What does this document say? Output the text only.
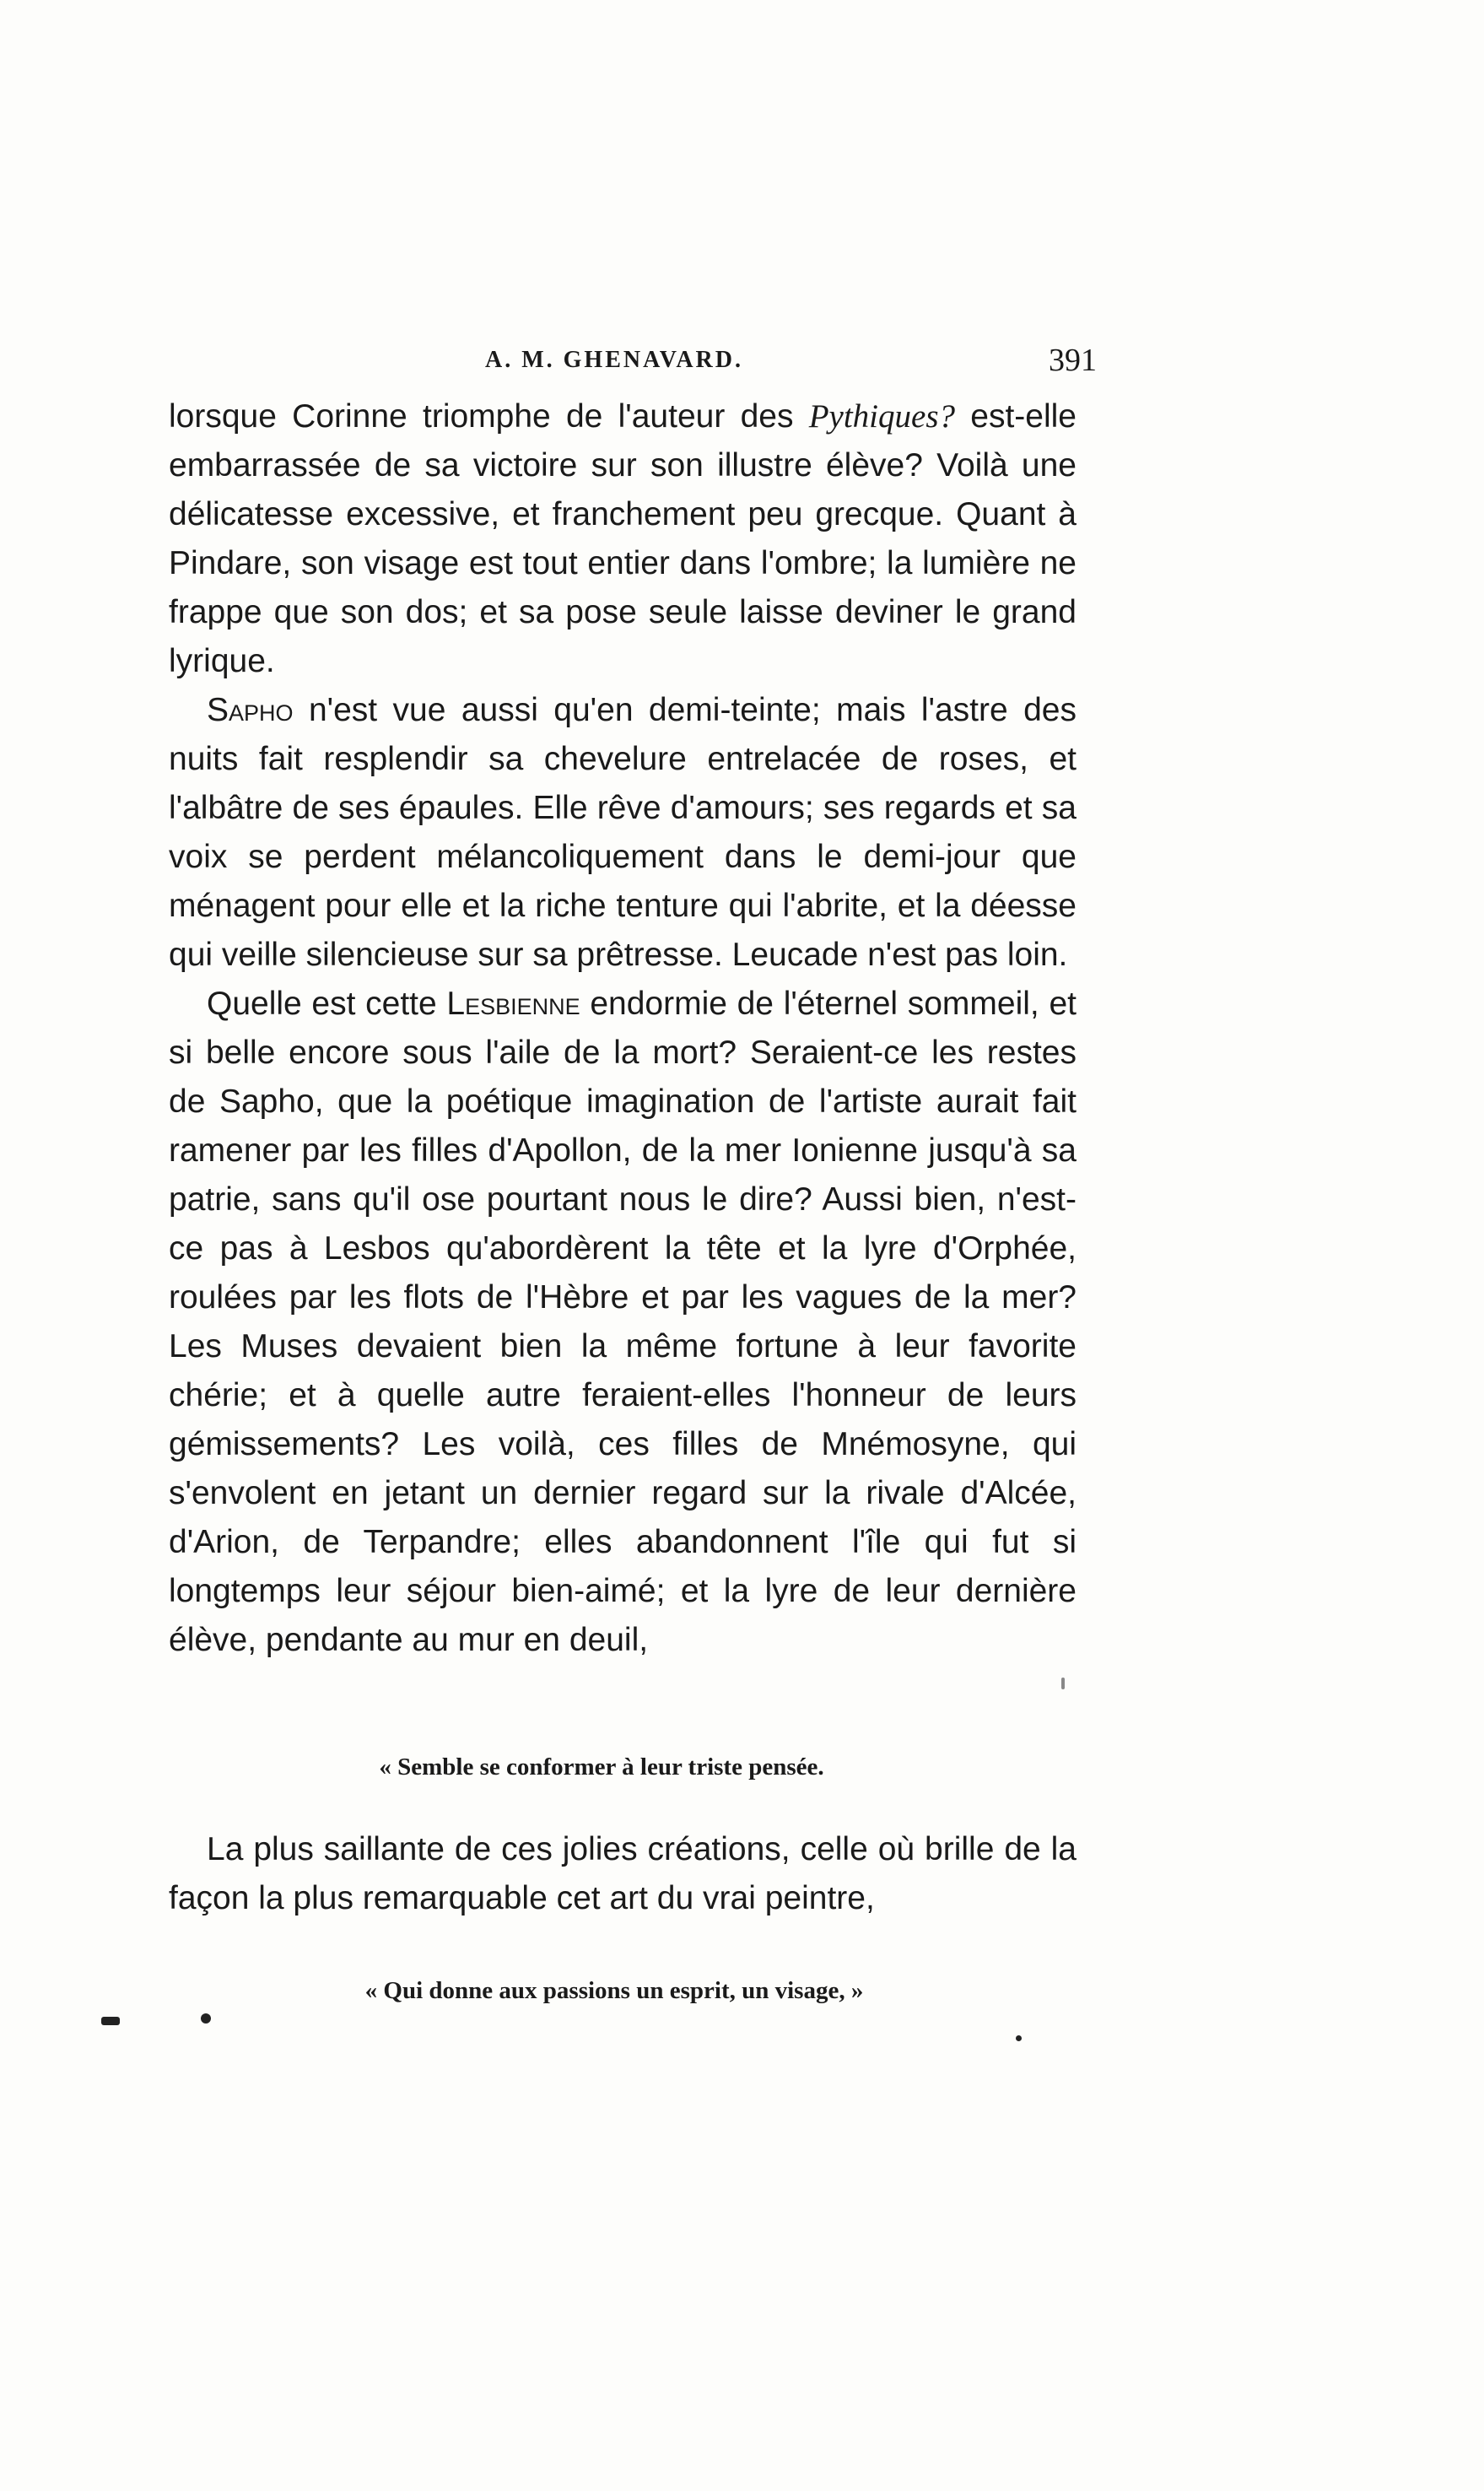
A. M. GHENAVARD.	391

lorsque Corinne triomphe de l'auteur des Pythiques? est-elle embarrassée de sa victoire sur son illustre élève? Voilà une délicatesse excessive, et franchement peu grecque. Quant à Pindare, son visage est tout entier dans l'ombre; la lumière ne frappe que son dos; et sa pose seule laisse deviner le grand lyrique.

Sapho n'est vue aussi qu'en demi-teinte; mais l'astre des nuits fait resplendir sa chevelure entrelacée de roses, et l'albâtre de ses épaules. Elle rêve d'amours; ses regards et sa voix se perdent mélancoliquement dans le demi-jour que ménagent pour elle et la riche tenture qui l'abrite, et la déesse qui veille silencieuse sur sa prêtresse. Leucade n'est pas loin.

Quelle est cette Lesbienne endormie de l'éternel sommeil, et si belle encore sous l'aile de la mort? Seraient-ce les restes de Sapho, que la poétique imagination de l'artiste aurait fait ramener par les filles d'Apollon, de la mer Ionienne jusqu'à sa patrie, sans qu'il ose pourtant nous le dire? Aussi bien, n'est-ce pas à Lesbos qu'abordèrent la tête et la lyre d'Orphée, roulées par les flots de l'Hèbre et par les vagues de la mer? Les Muses devaient bien la même fortune à leur favorite chérie; et à quelle autre feraient-elles l'honneur de leurs gémissements? Les voilà, ces filles de Mnémosyne, qui s'envolent en jetant un dernier regard sur la rivale d'Alcée, d'Arion, de Terpandre; elles abandonnent l'île qui fut si longtemps leur séjour bien-aimé; et la lyre de leur dernière élève, pendante au mur en deuil,

« Semble se conformer à leur triste pensée.

La plus saillante de ces jolies créations, celle où brille de la façon la plus remarquable cet art du vrai peintre,

« Qui donne aux passions un esprit, un visage, »
